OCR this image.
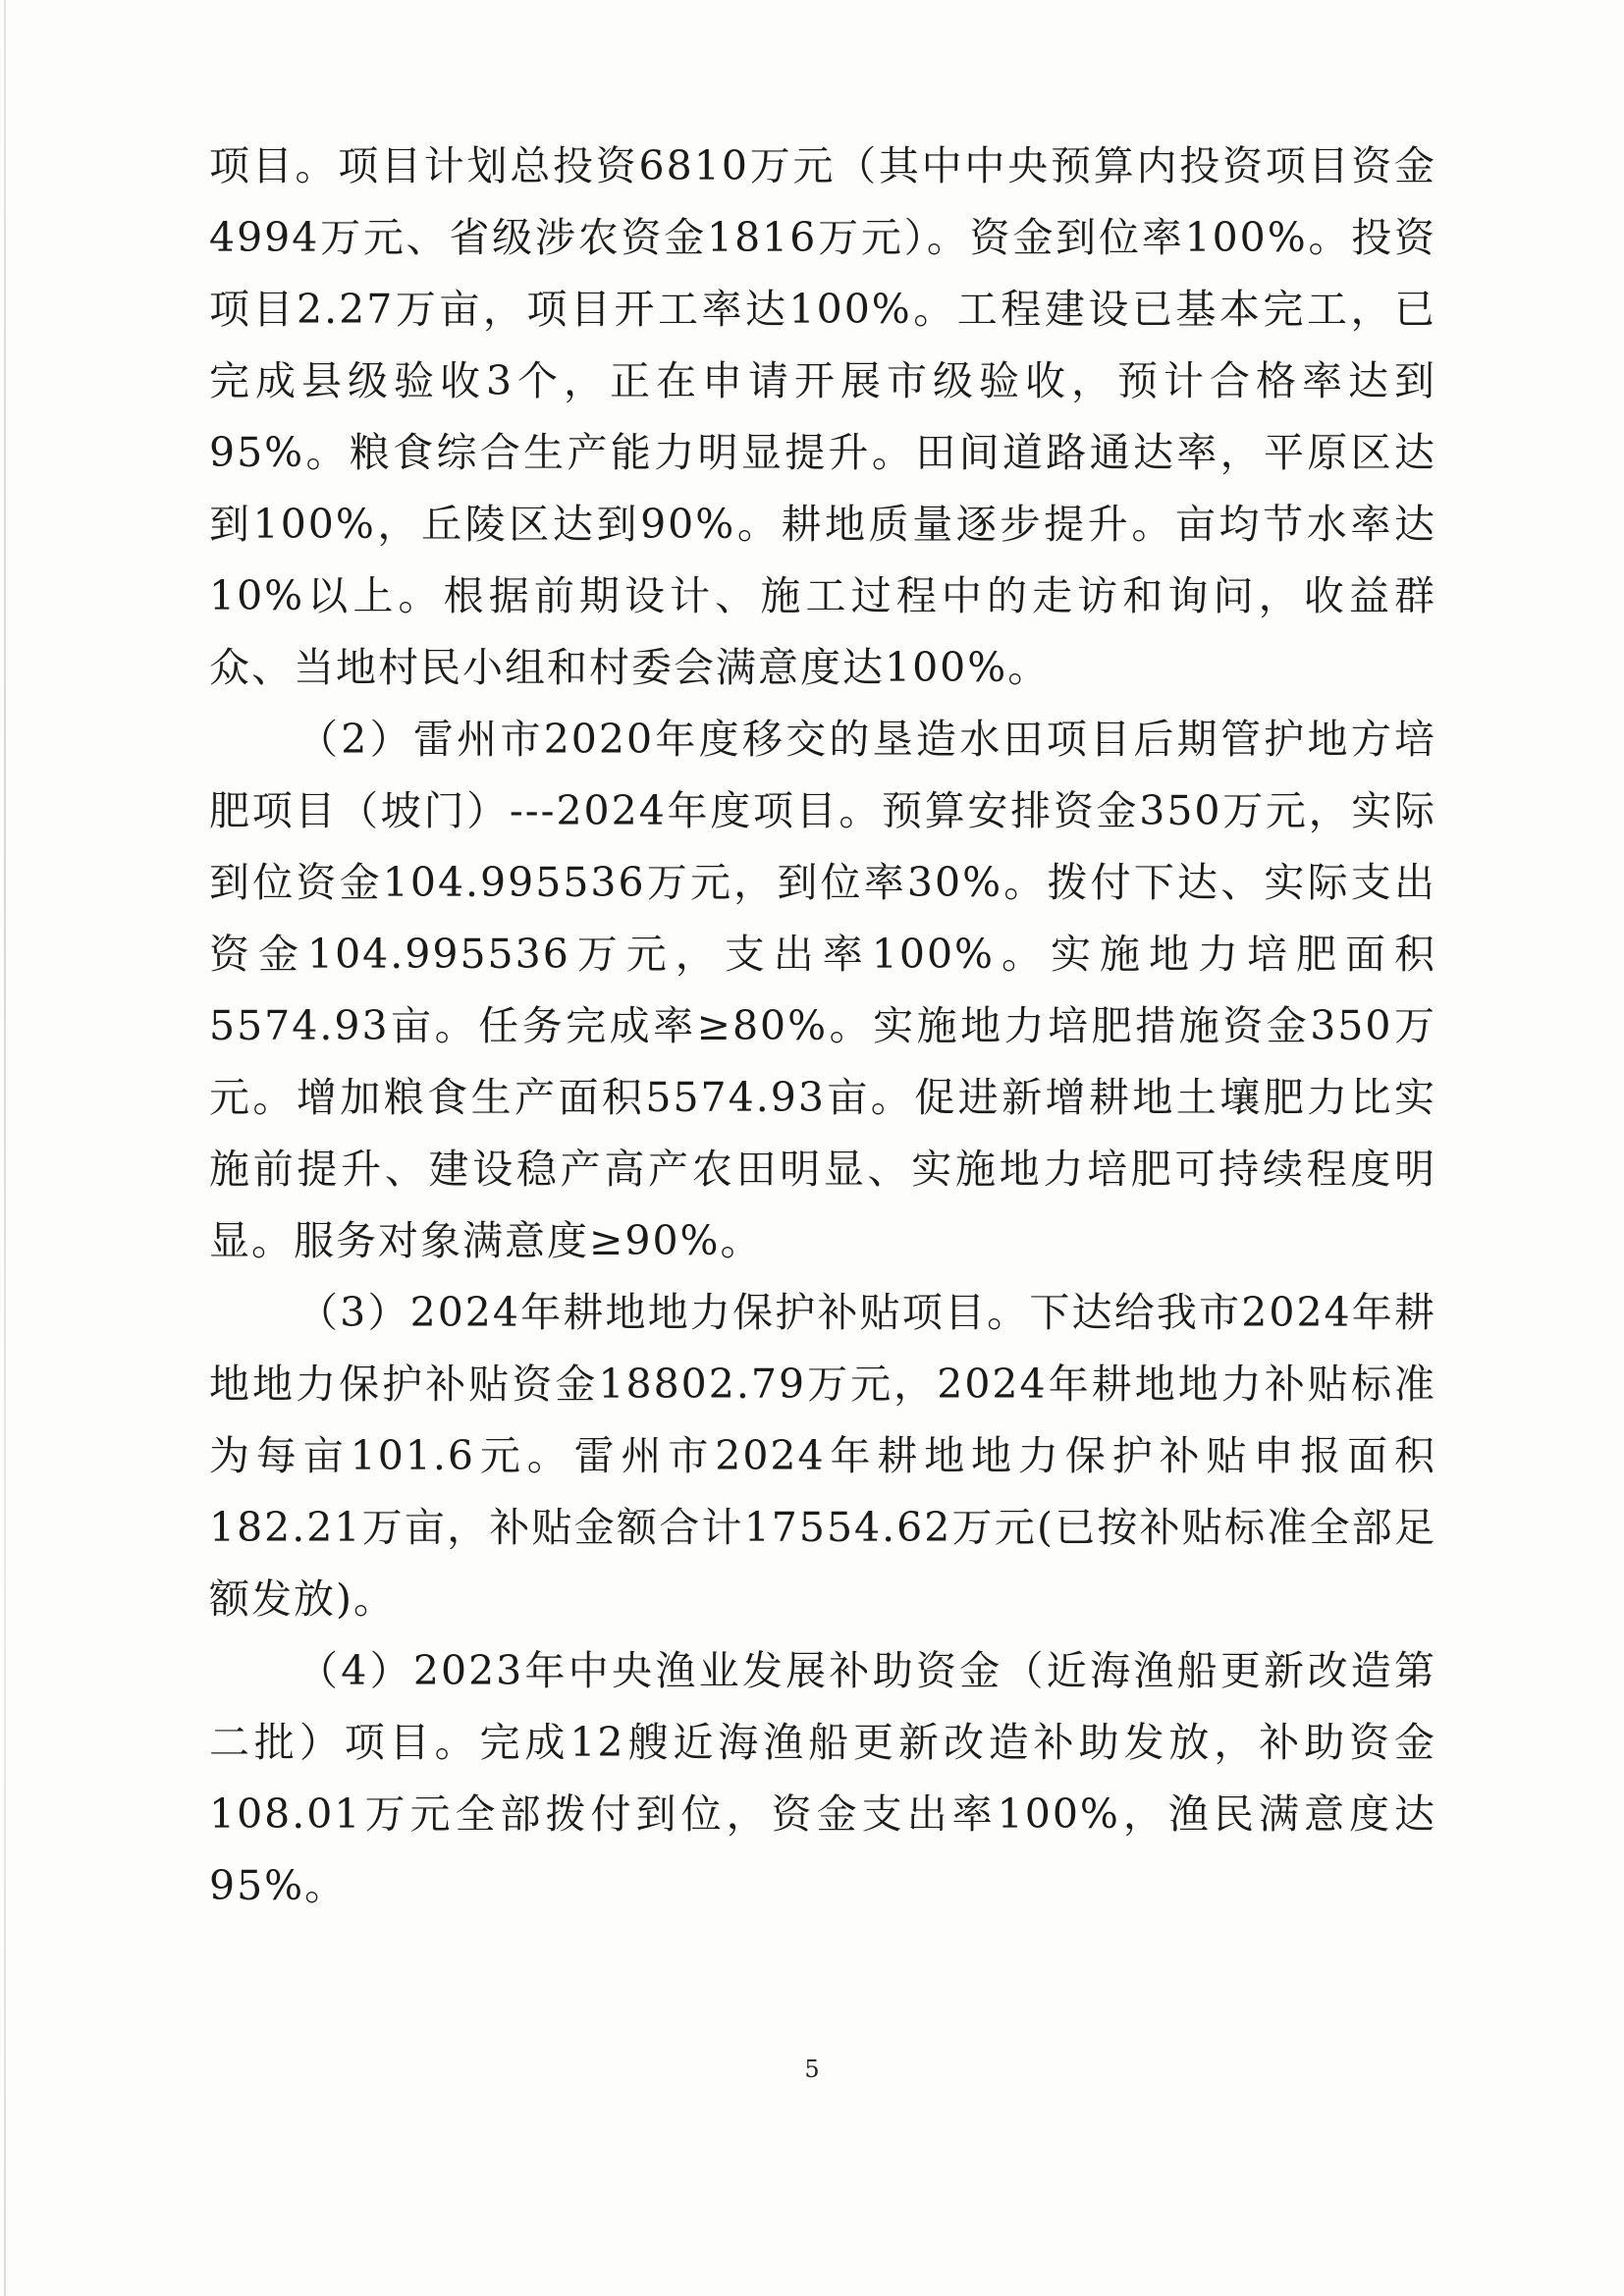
项目。项目计划总投资6810万元（其中中央预算内投资项目资金4994万元、省级涉农资金1816万元）。资金到位率100%。投资项目2.27万亩，项目开工率达100%。工程建设已基本完工，已完成县级验收3个，正在申请开展市级验收，预计合格率达到95%。粮食综合生产能力明显提升。田间道路通达率，平原区达到100%，丘陵区达到90%。耕地质量逐步提升。亩均节水率达10%以上。根据前期设计、施工过程中的走访和询问，收益群众、当地村民小组和村委会满意度达100%。

（2）雷州市2020年度移交的垦造水田项目后期管护地方培肥项目（坡门）---2024年度项目。预算安排资金350万元，实际到位资金104.995536万元，到位率30%。拨付下达、实际支出资金104.995536万元，支出率100%。实施地力培肥面积5574.93亩。任务完成率≥80%。实施地力培肥措施资金350万元。增加粮食生产面积5574.93亩。促进新增耕地土壤肥力比实施前提升、建设稳产高产农田明显、实施地力培肥可持续程度明显。服务对象满意度≥90%。

（3）2024年耕地地力保护补贴项目。下达给我市2024年耕地地力保护补贴资金18802.79万元，2024年耕地地力补贴标准为每亩101.6元。雷州市2024年耕地地力保护补贴申报面积182.21万亩，补贴金额合计17554.62万元(已按补贴标准全部足额发放)。

（4）2023年中央渔业发展补助资金（近海渔船更新改造第二批）项目。完成12艘近海渔船更新改造补助发放，补助资金108.01万元全部拨付到位，资金支出率100%，渔民满意度达95%。

5
